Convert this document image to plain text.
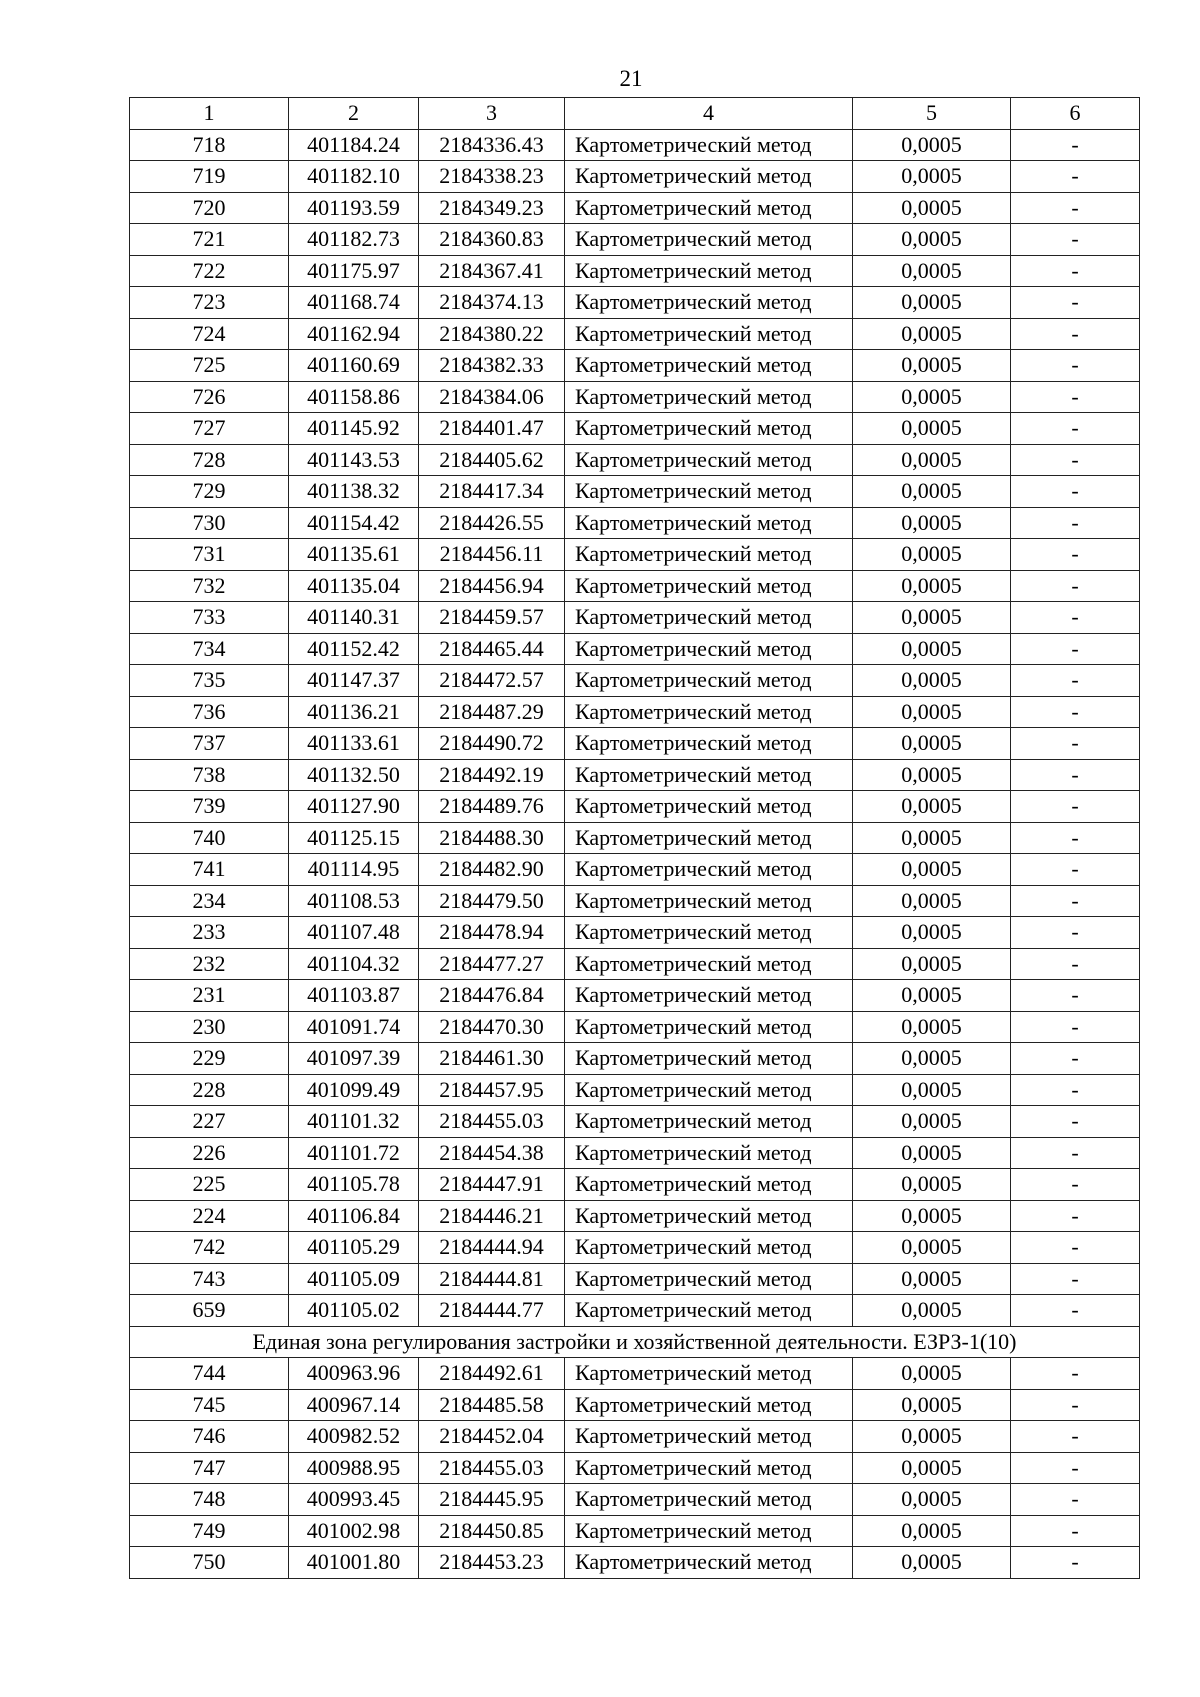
21
1	2	3	4	5	6
718	401184.24	2184336.43	Картометрический метод	0,0005	-
719	401182.10	2184338.23	Картометрический метод	0,0005	-
720	401193.59	2184349.23	Картометрический метод	0,0005	-
721	401182.73	2184360.83	Картометрический метод	0,0005	-
722	401175.97	2184367.41	Картометрический метод	0,0005	-
723	401168.74	2184374.13	Картометрический метод	0,0005	-
724	401162.94	2184380.22	Картометрический метод	0,0005	-
725	401160.69	2184382.33	Картометрический метод	0,0005	-
726	401158.86	2184384.06	Картометрический метод	0,0005	-
727	401145.92	2184401.47	Картометрический метод	0,0005	-
728	401143.53	2184405.62	Картометрический метод	0,0005	-
729	401138.32	2184417.34	Картометрический метод	0,0005	-
730	401154.42	2184426.55	Картометрический метод	0,0005	-
731	401135.61	2184456.11	Картометрический метод	0,0005	-
732	401135.04	2184456.94	Картометрический метод	0,0005	-
733	401140.31	2184459.57	Картометрический метод	0,0005	-
734	401152.42	2184465.44	Картометрический метод	0,0005	-
735	401147.37	2184472.57	Картометрический метод	0,0005	-
736	401136.21	2184487.29	Картометрический метод	0,0005	-
737	401133.61	2184490.72	Картометрический метод	0,0005	-
738	401132.50	2184492.19	Картометрический метод	0,0005	-
739	401127.90	2184489.76	Картометрический метод	0,0005	-
740	401125.15	2184488.30	Картометрический метод	0,0005	-
741	401114.95	2184482.90	Картометрический метод	0,0005	-
234	401108.53	2184479.50	Картометрический метод	0,0005	-
233	401107.48	2184478.94	Картометрический метод	0,0005	-
232	401104.32	2184477.27	Картометрический метод	0,0005	-
231	401103.87	2184476.84	Картометрический метод	0,0005	-
230	401091.74	2184470.30	Картометрический метод	0,0005	-
229	401097.39	2184461.30	Картометрический метод	0,0005	-
228	401099.49	2184457.95	Картометрический метод	0,0005	-
227	401101.32	2184455.03	Картометрический метод	0,0005	-
226	401101.72	2184454.38	Картометрический метод	0,0005	-
225	401105.78	2184447.91	Картометрический метод	0,0005	-
224	401106.84	2184446.21	Картометрический метод	0,0005	-
742	401105.29	2184444.94	Картометрический метод	0,0005	-
743	401105.09	2184444.81	Картометрический метод	0,0005	-
659	401105.02	2184444.77	Картометрический метод	0,0005	-
Единая зона регулирования застройки и хозяйственной деятельности. ЕЗРЗ-1(10)					
744	400963.96	2184492.61	Картометрический метод	0,0005	-
745	400967.14	2184485.58	Картометрический метод	0,0005	-
746	400982.52	2184452.04	Картометрический метод	0,0005	-
747	400988.95	2184455.03	Картометрический метод	0,0005	-
748	400993.45	2184445.95	Картометрический метод	0,0005	-
749	401002.98	2184450.85	Картометрический метод	0,0005	-
750	401001.80	2184453.23	Картометрический метод	0,0005	-
